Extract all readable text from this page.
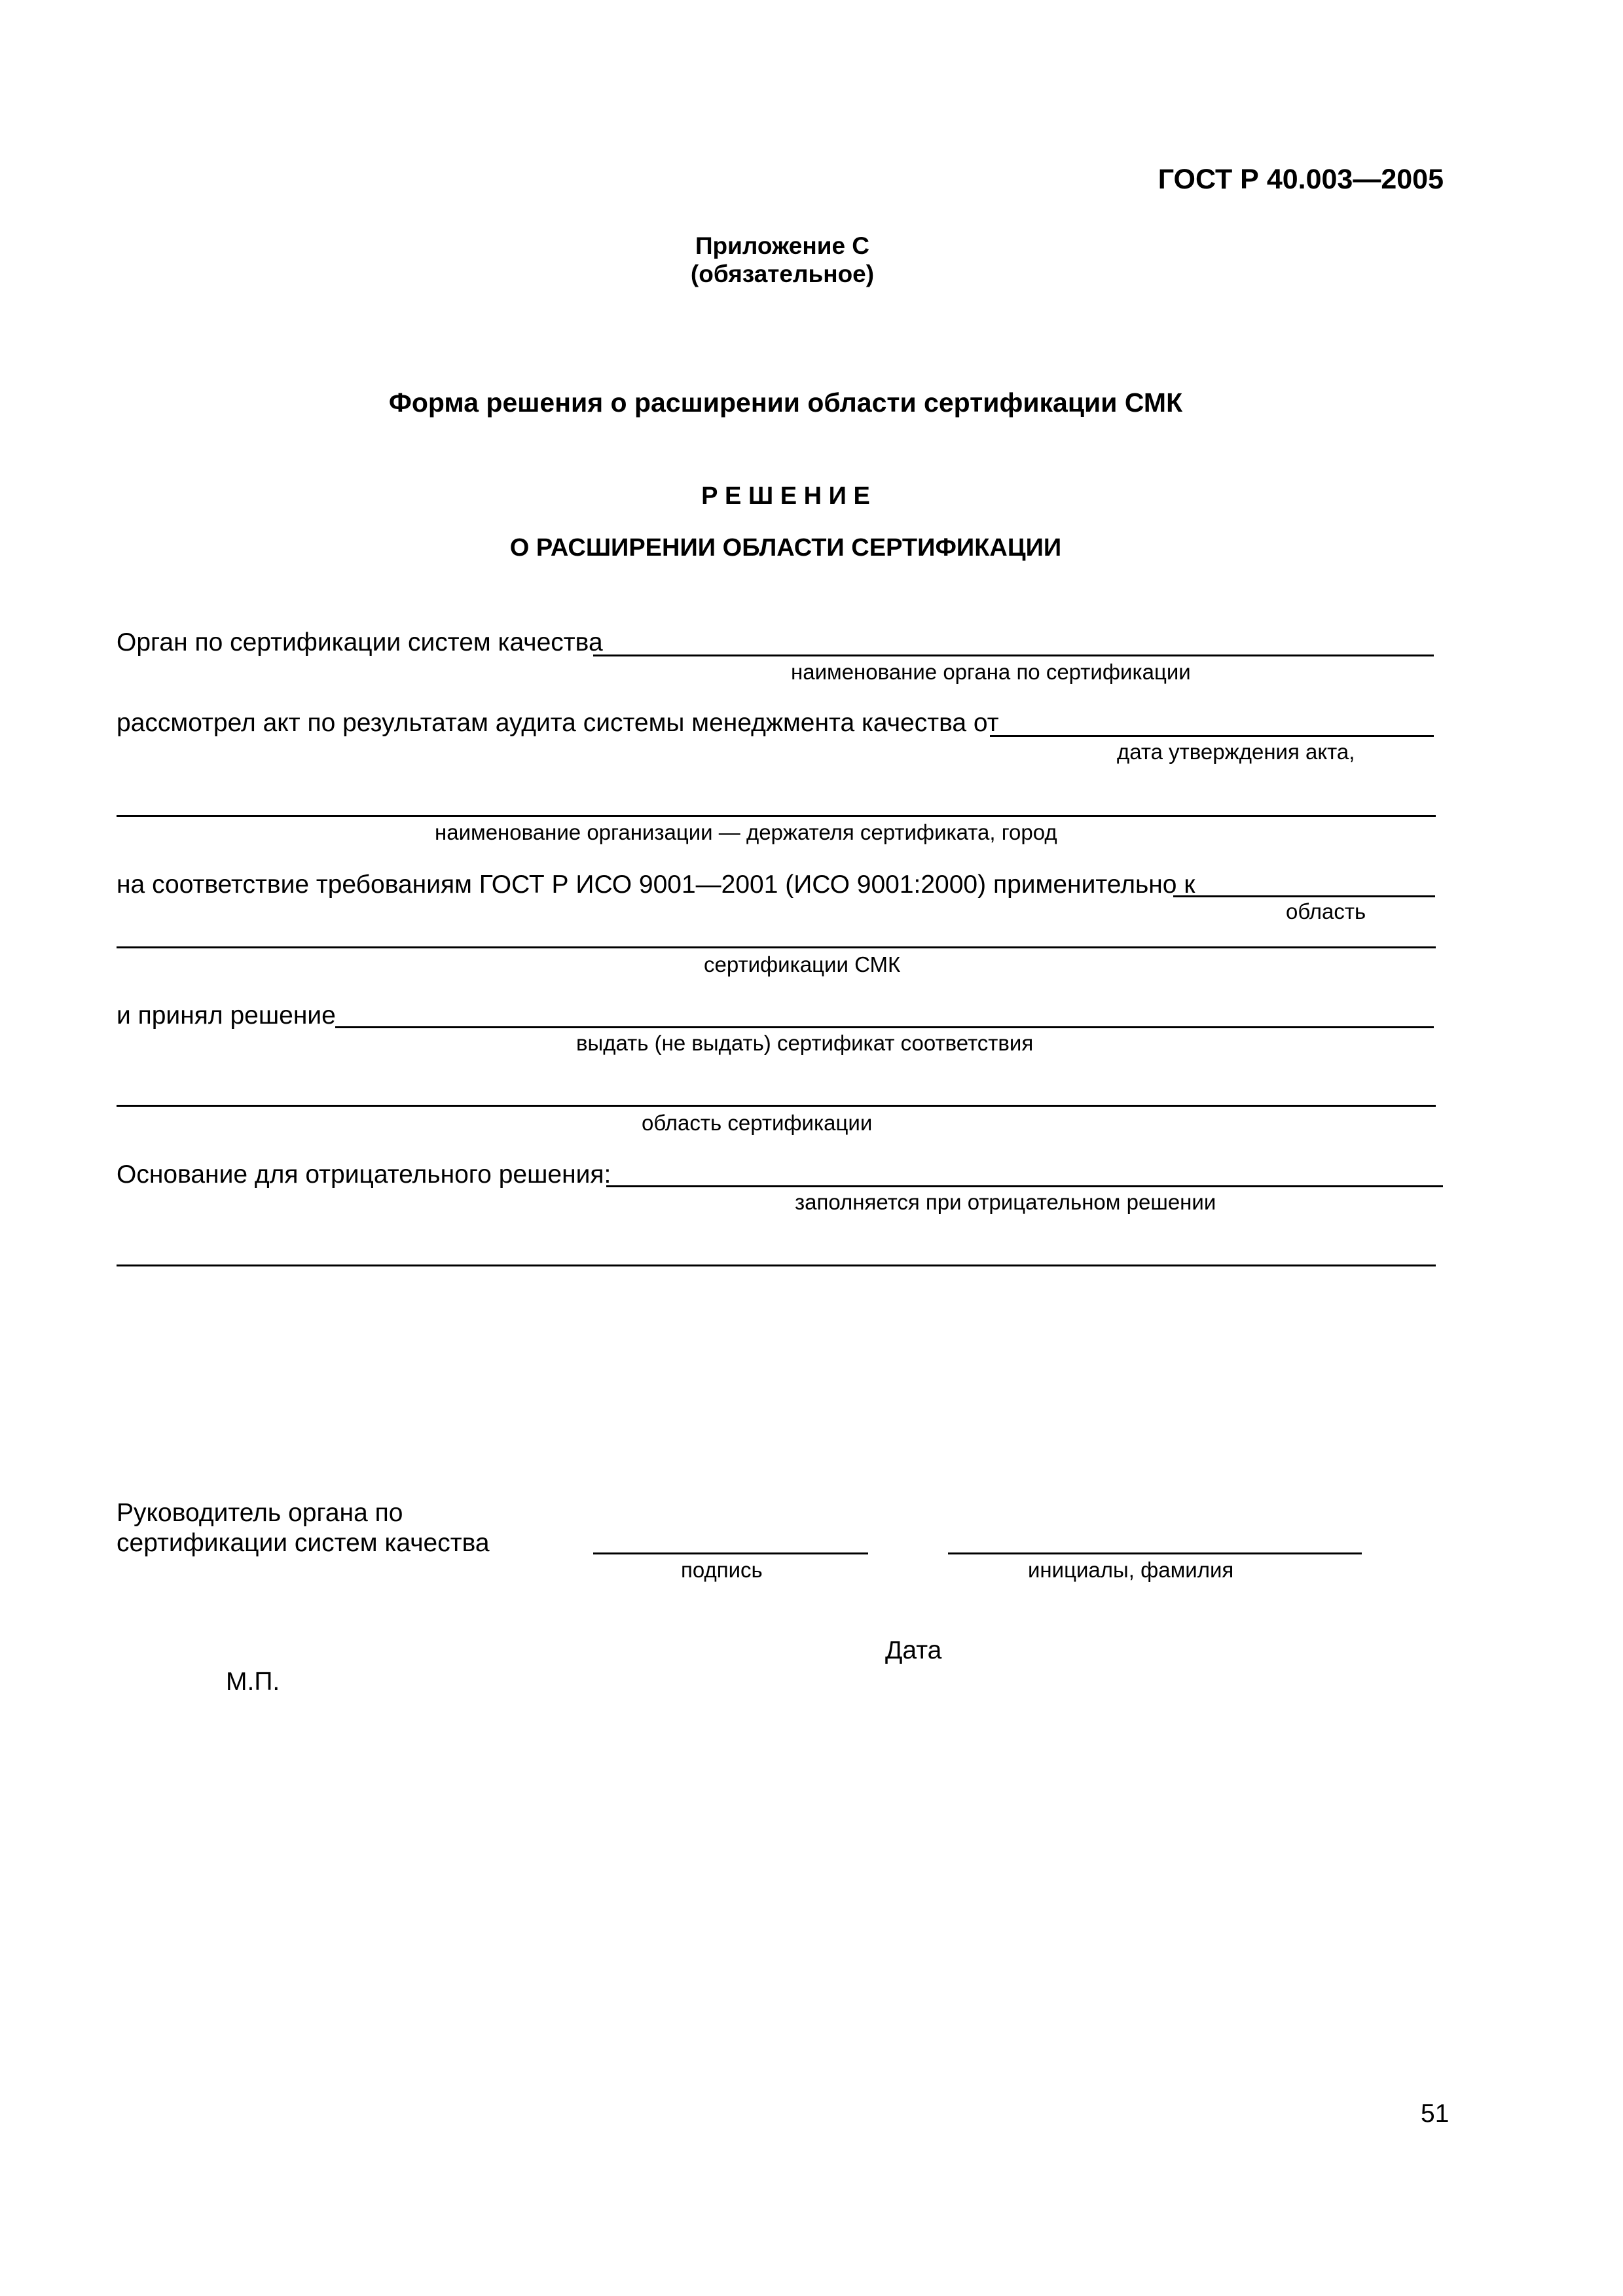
ГОСТ Р 40.003—2005
Приложение С
(обязательное)
Форма решения о расширении области сертификации СМК
Р Е Ш Е Н И Е
О РАСШИРЕНИИ ОБЛАСТИ СЕРТИФИКАЦИИ
Орган по сертификации систем качества
наименование органа по сертификации
рассмотрел акт по результатам аудита системы менеджмента качества от
дата утверждения акта,
наименование организации — держателя сертификата, город
на соответствие требованиям ГОСТ Р ИСО 9001—2001 (ИСО 9001:2000) применительно к
область
сертификации СМК
и принял решение
выдать (не выдать) сертификат соответствия
область сертификации
Основание для отрицательного решения:
заполняется при отрицательном решении
Руководитель органа по
сертификации систем качества
подпись	инициалы, фамилия
Дата
М.П.
51
